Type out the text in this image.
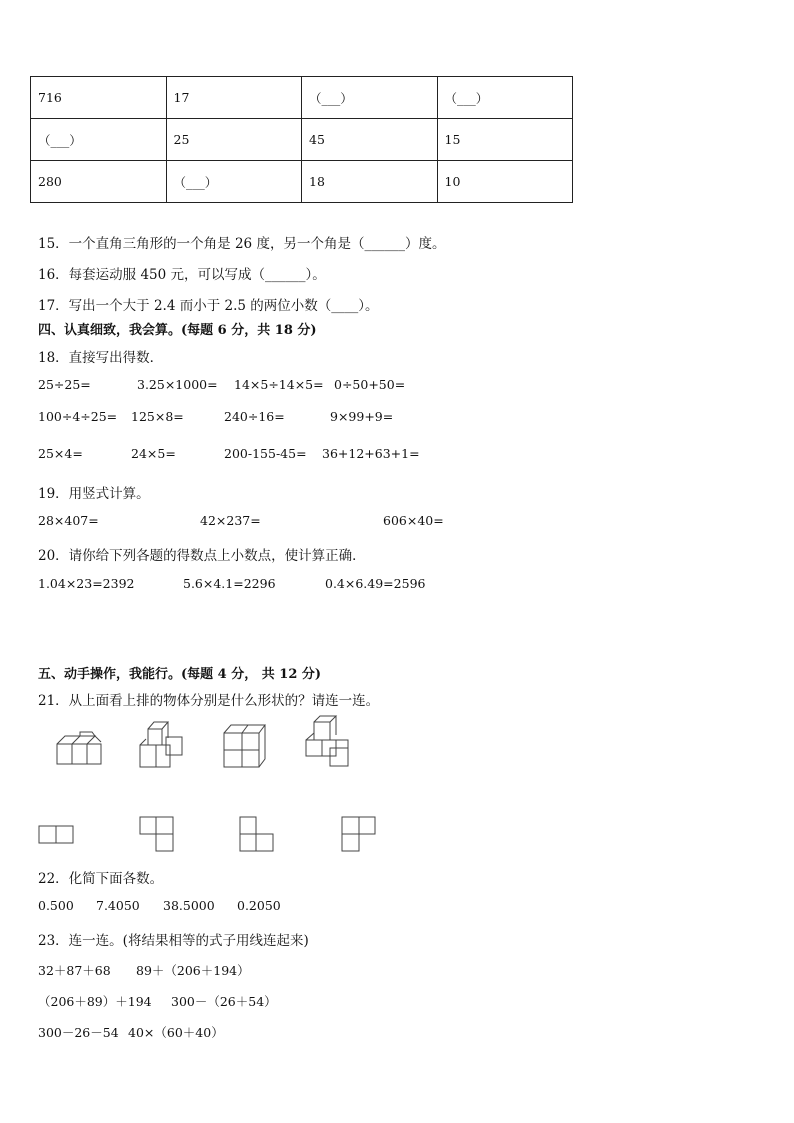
716	17	（___）	（___）
（___）	25	45	15
280	（___）	18	10
15．一个直角三角形的一个角是 26 度，另一个角是（______）度。
16．每套运动服 450 元，可以写成（______）。
17．写出一个大于 2.4 而小于 2.5 的两位小数（____）。
四、认真细致，我会算。(每题 6 分，共 18 分)
18．直接写出得数．
25÷25=	3.25×1000= 14×5÷14×5= 0÷50+50=
100÷4÷25= 125×8=	240÷16=	9×99+9=
25×4=	24×5=	200-155-45= 36+12+63+1=
19．用竖式计算。
28×407=	42×237=	606×40=
20．请你给下列各题的得数点上小数点，使计算正确．
1.04×23=2392	5.6×4.1=2296	0.4×6.49=2596
五、动手操作，我能行。(每题 4 分， 共 12 分)
21．从上面看上排的物体分别是什么形状的？请连一连。
22．化简下面各数。
0.500 7.4050 38.5000 0.2050
23．连一连。(将结果相等的式子用线连起来)
32＋87＋68 89＋（206＋194）
（206＋89）＋194 300－（26＋54）
300－26－54 40×（60＋40）
